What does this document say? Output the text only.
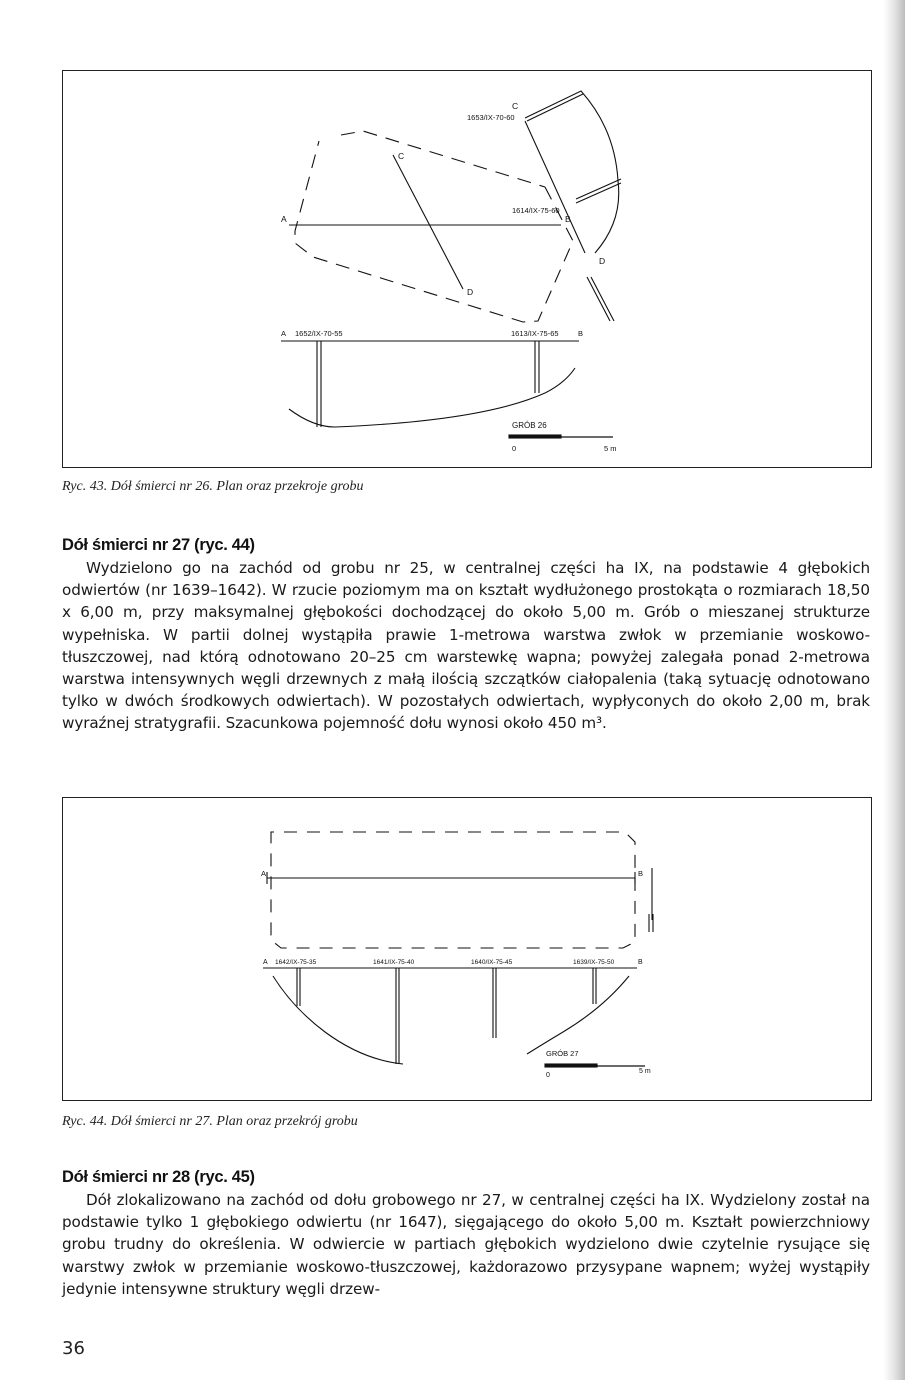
C
1653/IX-70-60
C
1614/IX-75-60
A	B
D
D
A 1652/IX-70-55	1613/IX-75-65	B
GRÓB 26
0	5 m
Ryc. 43. Dół śmierci nr 26. Plan oraz przekroje grobu
Dół śmierci nr 27 (ryc. 44)

Wydzielono go na zachód od grobu nr 25, w centralnej części ha IX, na podstawie 4 głębokich odwiertów (nr 1639–1642). W rzucie poziomym ma on kształt wydłużonego prostokąta o rozmiarach 18,50 x 6,00 m, przy maksymalnej głębokości dochodzącej do około 5,00 m. Grób o mieszanej strukturze wypełniska. W partii dolnej wystąpiła prawie 1-metrowa warstwa zwłok w przemianie woskowo-tłuszczowej, nad którą odnotowano 20–25 cm warstewkę wapna; powyżej zalegała ponad 2-metrowa warstwa intensywnych węgli drzewnych z małą ilością szczątków ciałopalenia (taką sytuację odnotowano tylko w dwóch środkowych odwiertach). W pozostałych odwiertach, wypłyconych do około 2,00 m, brak wyraźnej stratygrafii. Szacunkowa pojemność dołu wynosi około 450 m³.

A	B
A 1642/IX-75-35	1641/IX-75-40	1640/IX-75-45	1639/IX-75-50	B
GRÓB 27
0
5 m
Ryc. 44. Dół śmierci nr 27. Plan oraz przekrój grobu
Dół śmierci nr 28 (ryc. 45)

Dół zlokalizowano na zachód od dołu grobowego nr 27, w centralnej części ha IX. Wydzielony został na podstawie tylko 1 głębokiego odwiertu (nr 1647), sięgającego do około 5,00 m. Kształt powierzchniowy grobu trudny do określenia. W odwiercie w partiach głębokich wydzielono dwie czytelnie rysujące się warstwy zwłok w przemianie woskowo-tłuszczowej, każdorazowo przysypane wapnem; wyżej wystąpiły jedynie intensywne struktury węgli drzew-

36
